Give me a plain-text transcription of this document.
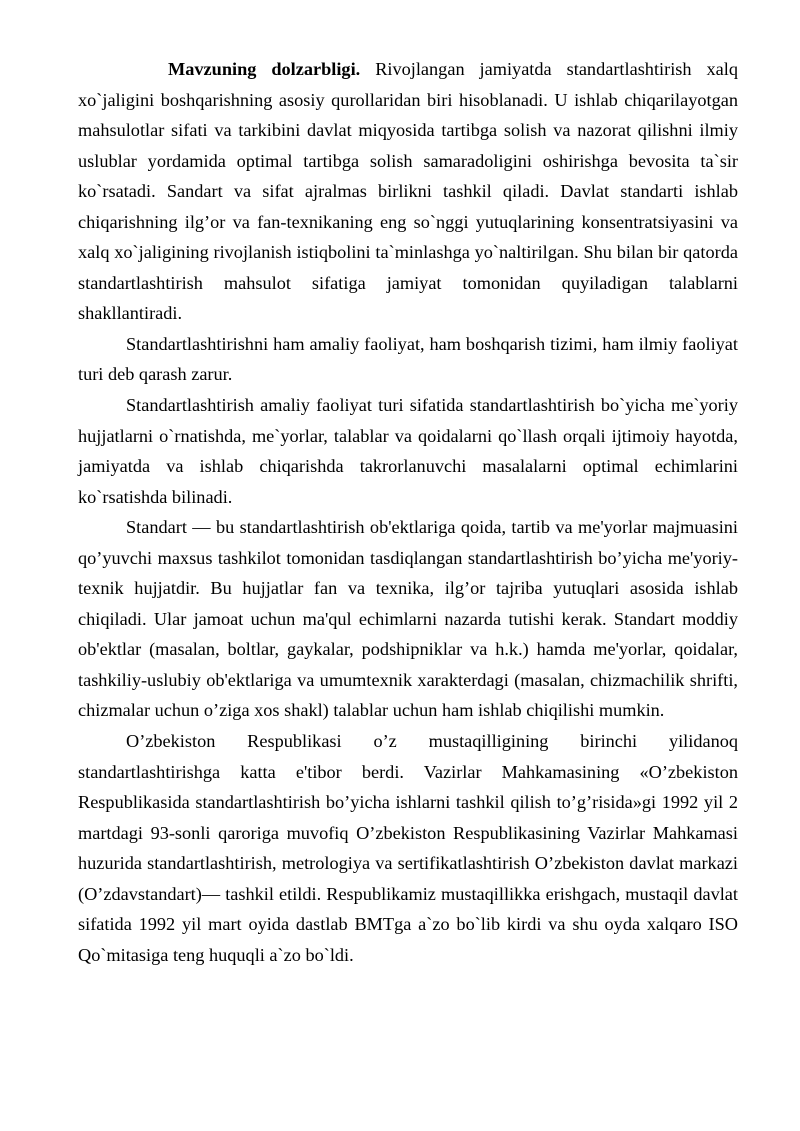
Mavzuning dolzarbligi. Rivojlangan jamiyatda standartlashtirish xalq xo`jaligini boshqarishning asosiy qurollaridan biri hisoblanadi. U ishlab chiqarilayotgan mahsulotlar sifati va tarkibini davlat miqyosida tartibga solish va nazorat qilishni ilmiy uslublar yordamida optimal tartibga solish samaradoligini oshirishga bevosita ta`sir ko`rsatadi. Sandart va sifat ajralmas birlikni tashkil qiladi. Davlat standarti ishlab chiqarishning ilg’or va fan-texnikaning eng so`nggi yutuqlarining konsentratsiyasini va xalq xo`jaligining rivojlanish istiqbolini ta`minlashga yo`naltirilgan. Shu bilan bir qatorda standartlashtirish mahsulot sifatiga jamiyat tomonidan quyiladigan talablarni shakllantiradi.

Standartlashtirishni ham amaliy faoliyat, ham boshqarish tizimi, ham ilmiy faoliyat turi deb qarash zarur.

Standartlashtirish amaliy faoliyat turi sifatida standartlashtirish bo`yicha me`yoriy hujjatlarni o`rnatishda, me`yorlar, talablar va qoidalarni qo`llash orqali ijtimoiy hayotda, jamiyatda va ishlab chiqarishda takrorlanuvchi masalalarni optimal echimlarini ko`rsatishda bilinadi.

Standart — bu standartlashtirish ob'ektlariga qoida, tartib va me'yorlar majmuasini qo’yuvchi maxsus tashkilot tomonidan tasdiqlangan standartlashtirish bo’yicha me'yoriy-texnik hujjatdir. Bu hujjatlar fan va texnika, ilg’or tajriba yutuqlari asosida ishlab chiqiladi. Ular jamoat uchun ma'qul echimlarni nazarda tutishi kerak. Standart moddiy ob'ektlar (masalan, boltlar, gaykalar, podshipniklar va h.k.) hamda me'yorlar, qoidalar, tashkiliy-uslubiy ob'ektlariga va umumtexnik xarakterdagi (masalan, chizmachilik shrifti, chizmalar uchun o’ziga xos shakl) talablar uchun ham ishlab chiqilishi mumkin.

O’zbekiston Respublikasi o’z mustaqilligining birinchi yilidanoq standartlashtirishga katta e'tibor berdi. Vazirlar Mahkamasining «O’zbekiston Respublikasida standartlashtirish bo’yicha ishlarni tashkil qilish to’g’risida»gi 1992 yil 2 martdagi 93-sonli qaroriga muvofiq O’zbekiston Respublikasining Vazirlar Mahkamasi huzurida standartlashtirish, metrologiya va sertifikatlashtirish O’zbekiston davlat markazi (O’zdavstandart)— tashkil etildi. Respublikamiz mustaqillikka erishgach, mustaqil davlat sifatida 1992 yil mart oyida dastlab BMTga a`zo bo`lib kirdi va shu oyda xalqaro ISO Qo`mitasiga teng huquqli a`zo bo`ldi.
